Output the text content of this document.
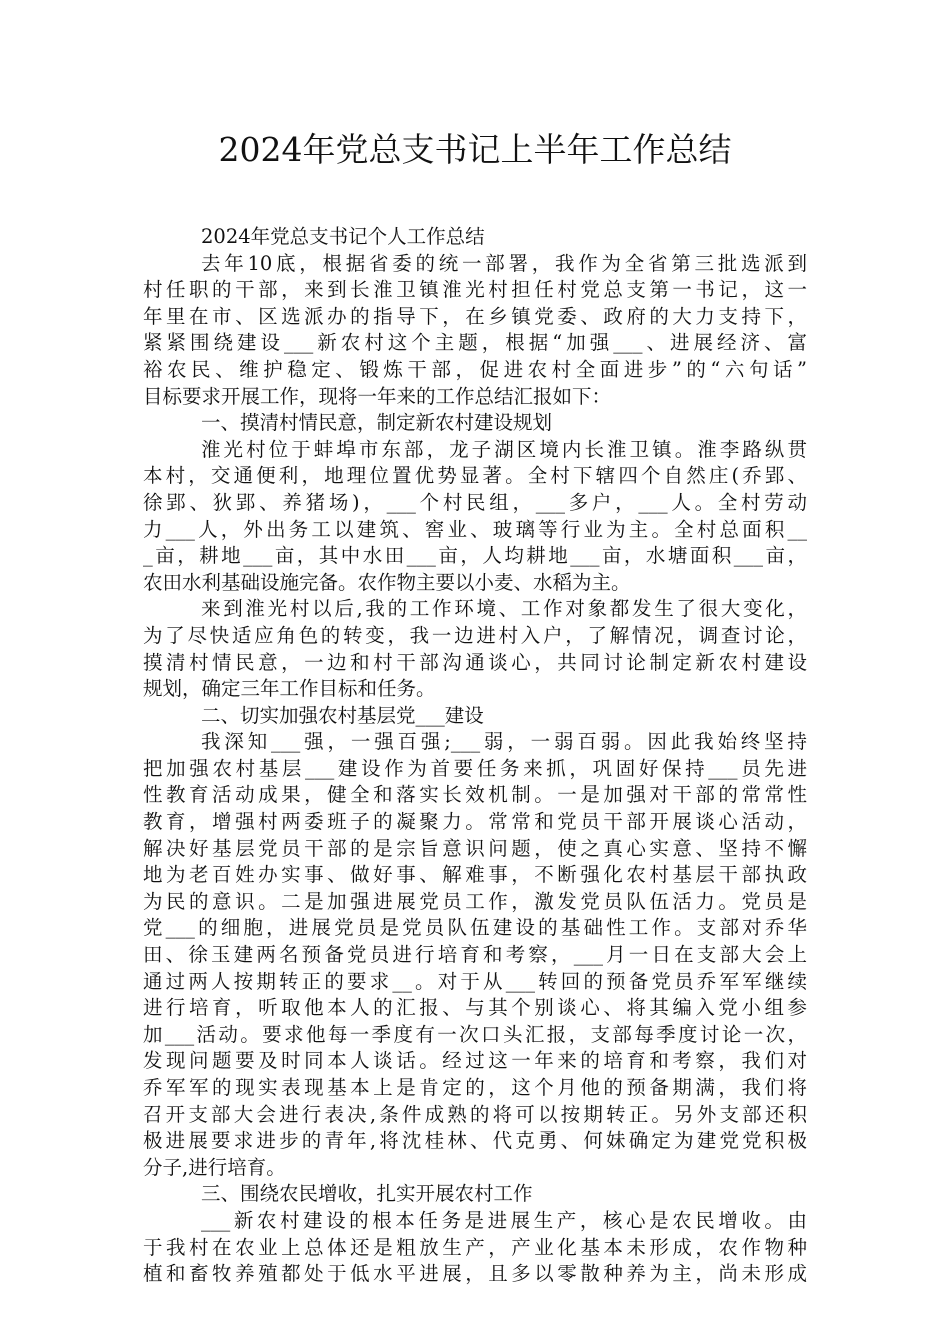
2024年党总支书记上半年工作总结
2024年党总支书记个人工作总结
去年10底，根据省委的统一部署，我作为全省第三批选派到
村任职的干部，来到长淮卫镇淮光村担任村党总支第一书记，这一
年里在市、区选派办的指导下，在乡镇党委、政府的大力支持下，
紧紧围绕建设___新农村这个主题，根据“加强___、进展经济、富
裕农民、维护稳定、锻炼干部，促进农村全面进步”的“六句话”
目标要求开展工作，现将一年来的工作总结汇报如下：
一、摸清村情民意，制定新农村建设规划
淮光村位于蚌埠市东部，龙子湖区境内长淮卫镇。淮李路纵贯
本村，交通便利，地理位置优势显著。全村下辖四个自然庄(乔郢、
徐郢、狄郢、养猪场)，___个村民组，___多户，___人。全村劳动
力___人，外出务工以建筑、窖业、玻璃等行业为主。全村总面积__
_亩，耕地___亩，其中水田___亩，人均耕地___亩，水塘面积___亩，
农田水利基础设施完备。农作物主要以小麦、水稻为主。
来到淮光村以后,我的工作环境、工作对象都发生了很大变化，
为了尽快适应角色的转变，我一边进村入户，了解情况，调查讨论，
摸清村情民意，一边和村干部沟通谈心，共同讨论制定新农村建设
规划，确定三年工作目标和任务。
二、切实加强农村基层党___建设
我深知___强，一强百强;___弱，一弱百弱。因此我始终坚持
把加强农村基层___建设作为首要任务来抓，巩固好保持___员先进
性教育活动成果，健全和落实长效机制。一是加强对干部的常常性
教育，增强村两委班子的凝聚力。常常和党员干部开展谈心活动，
解决好基层党员干部的是宗旨意识问题，使之真心实意、坚持不懈
地为老百姓办实事、做好事、解难事，不断强化农村基层干部执政
为民的意识。二是加强进展党员工作，激发党员队伍活力。党员是
党___的细胞，进展党员是党员队伍建设的基础性工作。支部对乔华
田、徐玉建两名预备党员进行培育和考察，___月一日在支部大会上
通过两人按期转正的要求__。对于从___转回的预备党员乔军军继续
进行培育，听取他本人的汇报、与其个别谈心、将其编入党小组参
加___活动。要求他每一季度有一次口头汇报，支部每季度讨论一次，
发现问题要及时同本人谈话。经过这一年来的培育和考察，我们对
乔军军的现实表现基本上是肯定的，这个月他的预备期满，我们将
召开支部大会进行表决,条件成熟的将可以按期转正。另外支部还积
极进展要求进步的青年,将沈桂林、代克勇、何妹确定为建党党积极
分子,进行培育。
三、围绕农民增收，扎实开展农村工作
___新农村建设的根本任务是进展生产，核心是农民增收。由
于我村在农业上总体还是粗放生产，产业化基本未形成，农作物种
植和畜牧养殖都处于低水平进展，且多以零散种养为主，尚未形成
